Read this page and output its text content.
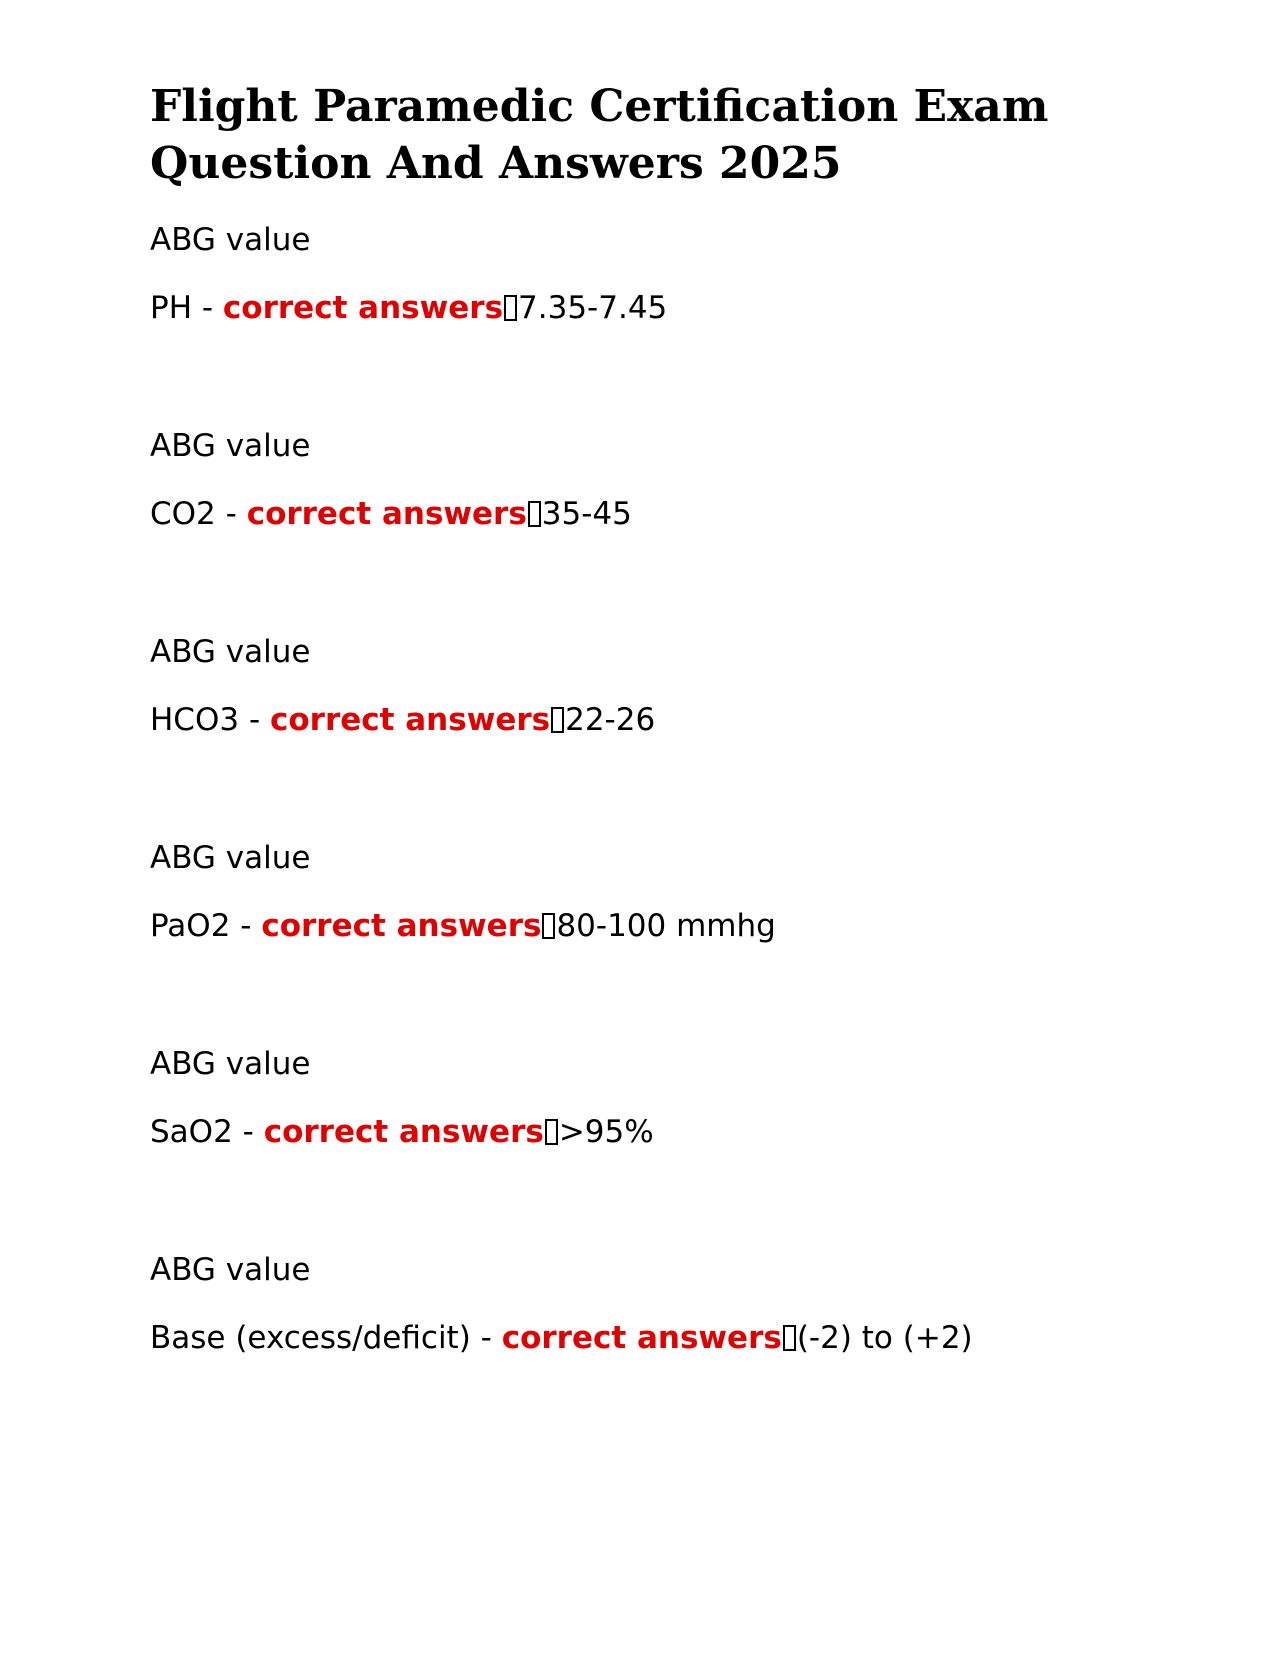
Flight Paramedic Certification Exam
Question And Answers 2025

ABG value

PH - correct answers 7.35-7.45

ABG value

CO2 - correct answers 35-45

ABG value

HCO3 - correct answers 22-26

ABG value

PaO2 - correct answers 80-100 mmhg

ABG value

SaO2 - correct answers >95%

ABG value

Base (excess/deficit) - correct answers (-2) to (+2)
